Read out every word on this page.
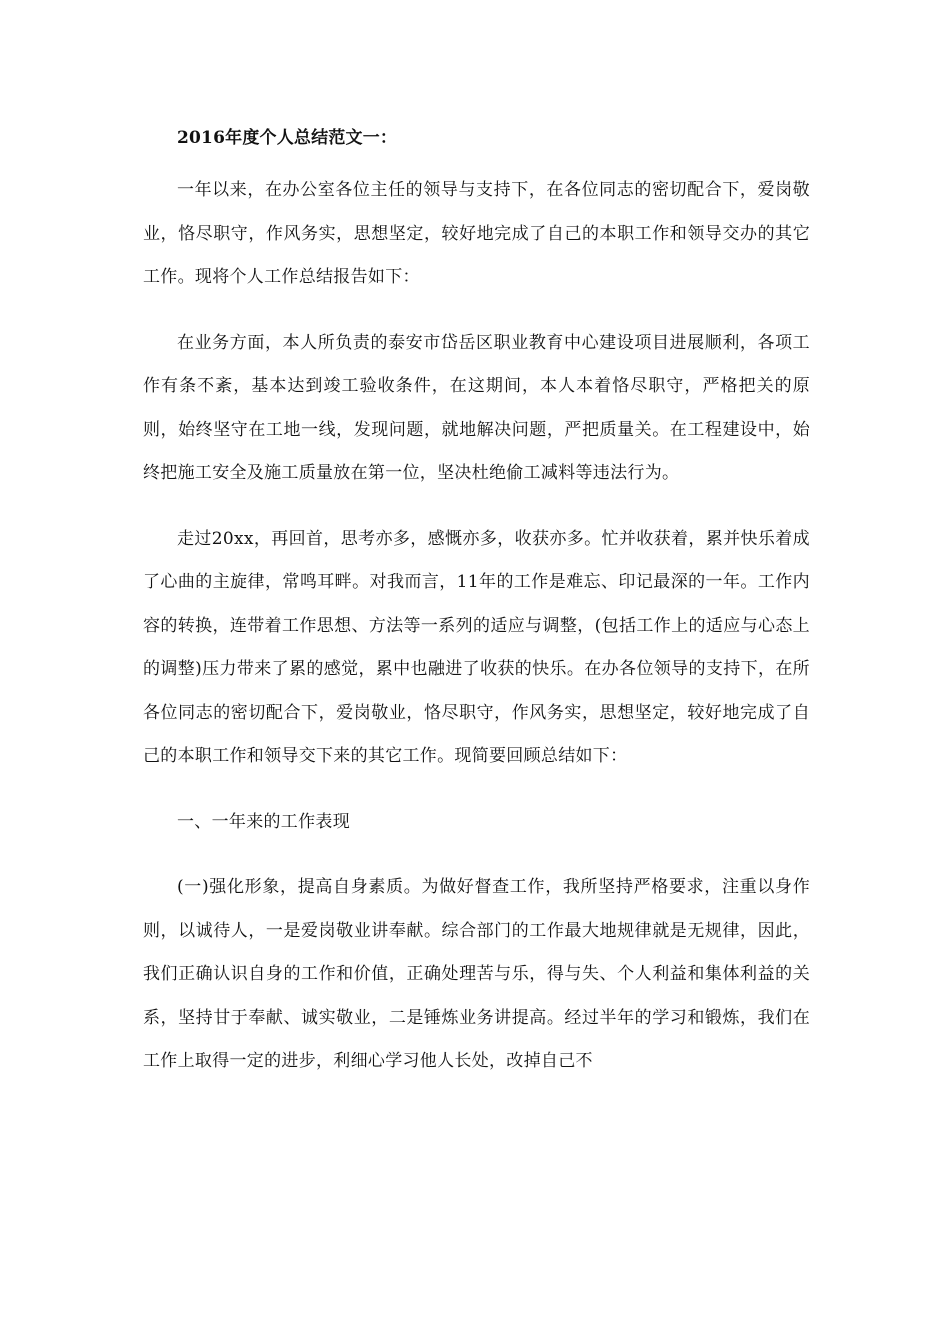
2016年度个人总结范文一：

一年以来，在办公室各位主任的领导与支持下，在各位同志的密切配合下，爱岗敬业，恪尽职守，作风务实，思想坚定，较好地完成了自己的本职工作和领导交办的其它工作。现将个人工作总结报告如下：

在业务方面，本人所负责的泰安市岱岳区职业教育中心建设项目进展顺利，各项工作有条不紊，基本达到竣工验收条件，在这期间，本人本着恪尽职守，严格把关的原则，始终坚守在工地一线，发现问题，就地解决问题，严把质量关。在工程建设中，始终把施工安全及施工质量放在第一位，坚决杜绝偷工减料等违法行为。

走过20xx，再回首，思考亦多，感慨亦多，收获亦多。忙并收获着，累并快乐着成了心曲的主旋律，常鸣耳畔。对我而言，11年的工作是难忘、印记最深的一年。工作内容的转换，连带着工作思想、方法等一系列的适应与调整，(包括工作上的适应与心态上的调整)压力带来了累的感觉，累中也融进了收获的快乐。在办各位领导的支持下，在所各位同志的密切配合下，爱岗敬业，恪尽职守，作风务实，思想坚定，较好地完成了自己的本职工作和领导交下来的其它工作。现简要回顾总结如下：

一、一年来的工作表现

(一)强化形象，提高自身素质。为做好督查工作，我所坚持严格要求，注重以身作则，以诚待人，一是爱岗敬业讲奉献。综合部门的工作最大地规律就是无规律，因此，我们正确认识自身的工作和价值，正确处理苦与乐，得与失、个人利益和集体利益的关系，坚持甘于奉献、诚实敬业，二是锤炼业务讲提高。经过半年的学习和锻炼，我们在工作上取得一定的进步，利细心学习他人长处，改掉自己不
